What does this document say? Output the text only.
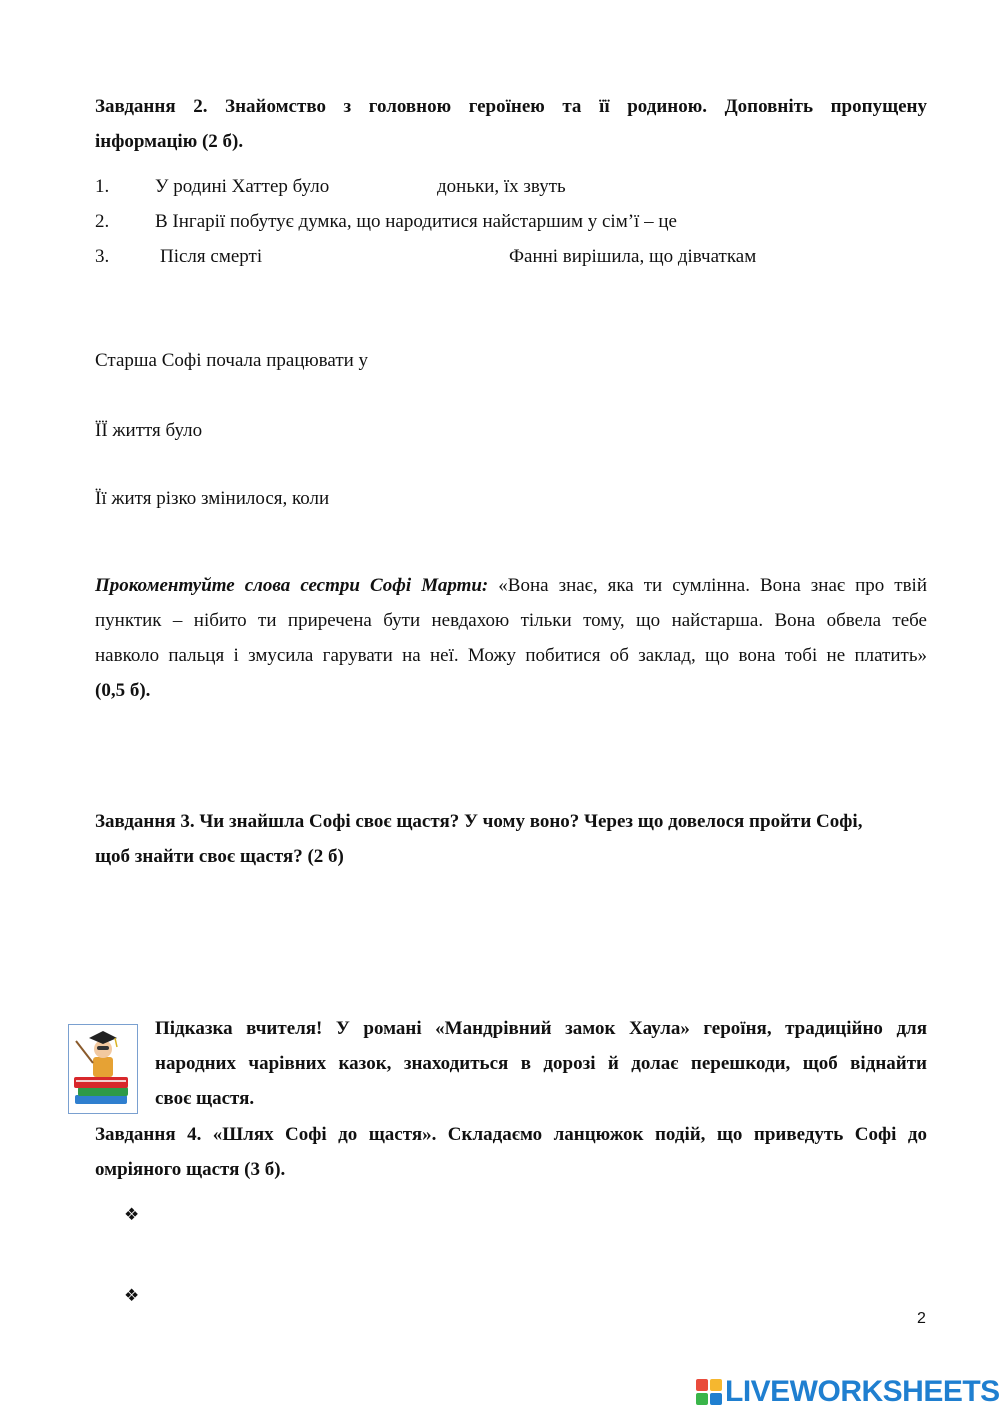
Завдання 2. Знайомство з головною героїнею та її родиною. Доповніть пропущену
інформацію (2 б).
1. У родині Хаттер було	доньки, їх звуть
2. В Інгарії побутує думка, що народитися найстаршим у сім’ї – це
3.	Після смерті	Фанні вирішила, що дівчаткам
Старша Софі почала працювати у
ЇЇ життя було
Її житя різко змінилося, коли
Прокоментуйте слова сестри Софі Марти: «Вона знає, яка ти сумлінна. Вона знає про твій
пунктик – нібито ти приречена бути невдахою тільки тому, що найстарша. Вона обвела тебе
навколо пальця і змусила гарувати на неї. Можу побитися об заклад, що вона тобі не платить»
(0,5 б).
Завдання 3. Чи знайшла Софі своє щастя? У чому воно? Через що довелося пройти Софі,
щоб знайти своє щастя? (2 б)
Підказка вчителя! У романі «Мандрівний замок Хаула» героїня, традиційно для
народних чарівних казок, знаходиться в дорозі й долає перешкоди, щоб віднайти
своє щастя.
Завдання 4. «Шлях Софі до щастя». Складаємо ланцюжок подій, що приведуть Софі до
омріяного щастя (3 б).
❖
❖
2
LIVEWORKSHEETS
